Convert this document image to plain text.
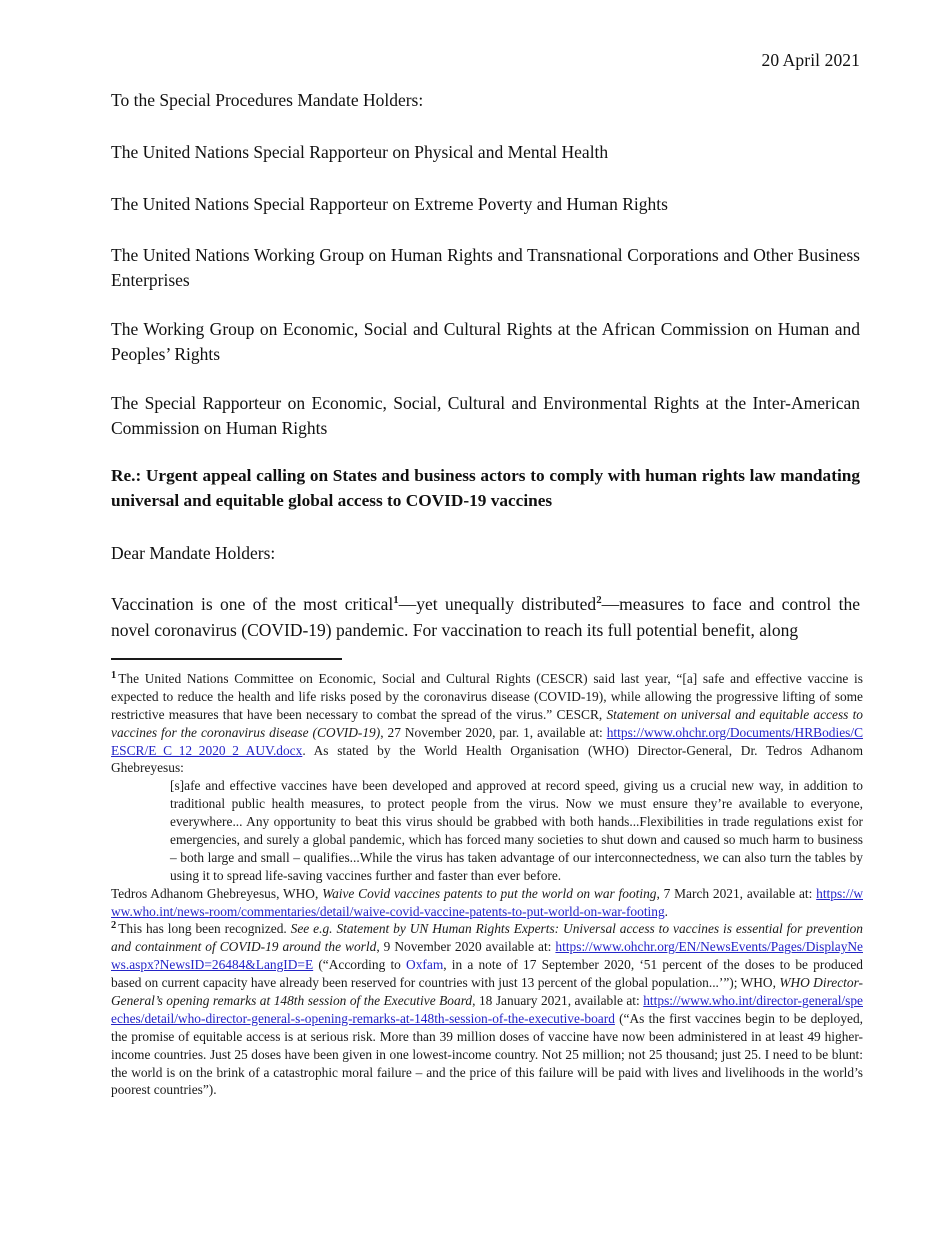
20 April 2021

To the Special Procedures Mandate Holders:

The United Nations Special Rapporteur on Physical and Mental Health

The United Nations Special Rapporteur on Extreme Poverty and Human Rights

The United Nations Working Group on Human Rights and Transnational Corporations and Other Business Enterprises

The Working Group on Economic, Social and Cultural Rights at the African Commission on Human and Peoples’ Rights

The Special Rapporteur on Economic, Social, Cultural and Environmental Rights at the Inter-American Commission on Human Rights

Re.: Urgent appeal calling on States and business actors to comply with human rights law mandating universal and equitable global access to COVID-19 vaccines

Dear Mandate Holders:

Vaccination is one of the most critical$^1$—yet unequally distributed$^2$—measures to face and control the novel coronavirus (COVID-19) pandemic. For vaccination to reach its full potential benefit, along

$^1$ The United Nations Committee on Economic, Social and Cultural Rights (CESCR) said last year, “[a] safe and effective vaccine is expected to reduce the health and life risks posed by the coronavirus disease (COVID-19), while allowing the progressive lifting of some restrictive measures that have been necessary to combat the spread of the virus.” CESCR, Statement on universal and equitable access to vaccines for the coronavirus disease (COVID-19), 27 November 2020, par. 1, available at: https://www.ohchr.org/Documents/HRBodies/CESCR/E_C_12_2020_2_AUV.docx. As stated by the World Health Organisation (WHO) Director-General, Dr. Tedros Adhanom Ghebreyesus:

[s]afe and effective vaccines have been developed and approved at record speed, giving us a crucial new way, in addition to traditional public health measures, to protect people from the virus. Now we must ensure they’re available to everyone, everywhere... Any opportunity to beat this virus should be grabbed with both hands...Flexibilities in trade regulations exist for emergencies, and surely a global pandemic, which has forced many societies to shut down and caused so much harm to business – both large and small – qualifies...While the virus has taken advantage of our interconnectedness, we can also turn the tables by using it to spread life-saving vaccines further and faster than ever before.

Tedros Adhanom Ghebreyesus, WHO, Waive Covid vaccines patents to put the world on war footing, 7 March 2021, available at: https://www.who.int/news-room/commentaries/detail/waive-covid-vaccine-patents-to-put-world-on-war-footing.

$^2$ This has long been recognized. See e.g. Statement by UN Human Rights Experts: Universal access to vaccines is essential for prevention and containment of COVID-19 around the world, 9 November 2020 available at: https://www.ohchr.org/EN/NewsEvents/Pages/DisplayNews.aspx?NewsID=26484&LangID=E (“According to Oxfam, in a note of 17 September 2020, ‘51 percent of the doses to be produced based on current capacity have already been reserved for countries with just 13 percent of the global population...’”); WHO, WHO Director-General’s opening remarks at 148th session of the Executive Board, 18 January 2021, available at: https://www.who.int/director-general/speeches/detail/who-director-general-s-opening-remarks-at-148th-session-of-the-executive-board (“As the first vaccines begin to be deployed, the promise of equitable access is at serious risk. More than 39 million doses of vaccine have now been administered in at least 49 higher-income countries. Just 25 doses have been given in one lowest-income country. Not 25 million; not 25 thousand; just 25. I need to be blunt: the world is on the brink of a catastrophic moral failure – and the price of this failure will be paid with lives and livelihoods in the world’s poorest countries”).
